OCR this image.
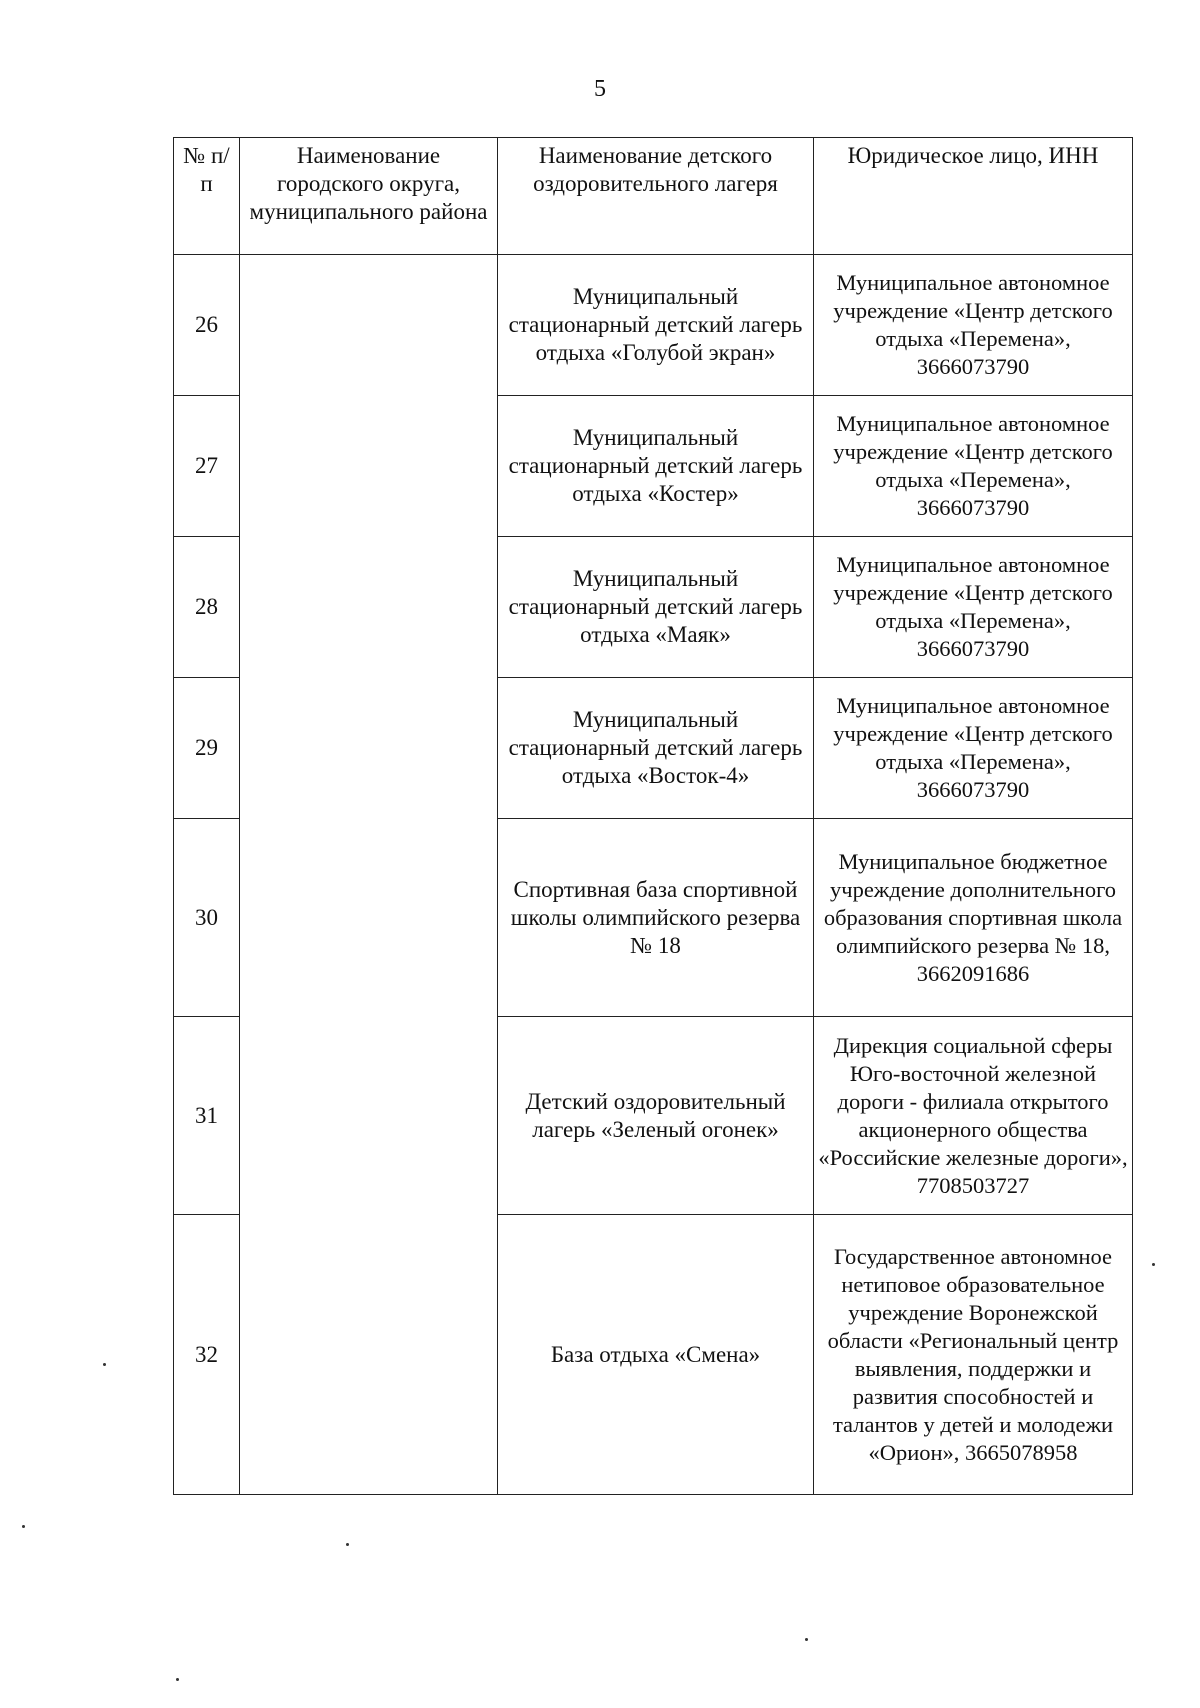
5
№ п/п	Наименование городского округа, муниципального района	Наименование детского оздоровительного лагеря	Юридическое лицо, ИНН
26		Муниципальный стационарный детский лагерь отдыха «Голубой экран»	Муниципальное автономное учреждение «Центр детского отдыха «Перемена», 3666073790
27		Муниципальный стационарный детский лагерь отдыха «Костер»	Муниципальное автономное учреждение «Центр детского отдыха «Перемена», 3666073790
28		Муниципальный стационарный детский лагерь отдыха «Маяк»	Муниципальное автономное учреждение «Центр детского отдыха «Перемена», 3666073790
29		Муниципальный стационарный детский лагерь отдыха «Восток-4»	Муниципальное автономное учреждение «Центр детского отдыха «Перемена», 3666073790
30		Спортивная база спортивной школы олимпийского резерва № 18	Муниципальное бюджетное учреждение дополнительного образования спортивная школа олимпийского резерва № 18, 3662091686
31		Детский оздоровительный лагерь «Зеленый огонек»	Дирекция социальной сферы Юго-восточной железной дороги - филиала открытого акционерного общества «Российские железные дороги», 7708503727
32		База отдыха «Смена»	Государственное автономное нетиповое образовательное учреждение Воронежской области «Региональный центр выявления, поддержки и развития способностей и талантов у детей и молодежи «Орион», 3665078958
